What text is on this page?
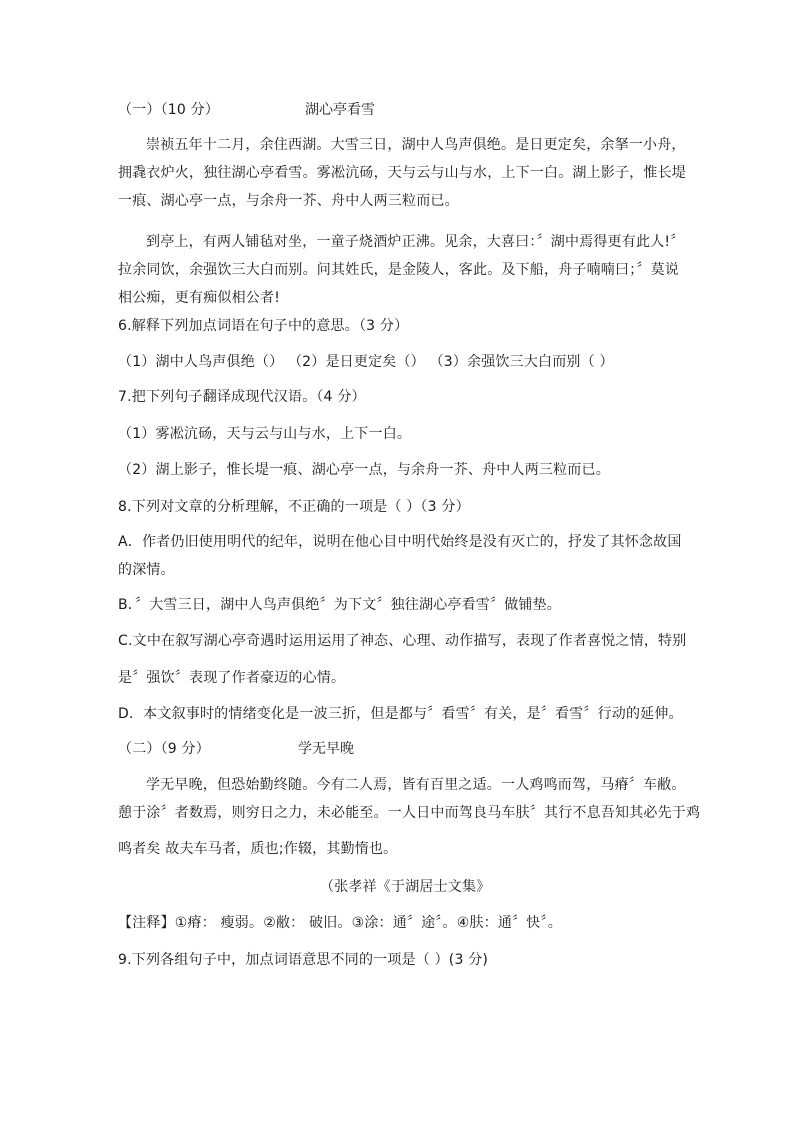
（一）（10 分）	湖心亭看雪
崇祯五年十二月，余住西湖。大雪三日，湖中人鸟声俱绝。是日更定矣，余拏一小舟，
拥毳衣炉火，独往湖心亭看雪。雾凇沆砀，天与云与山与水，上下一白。湖上影子，惟长堤
一痕、湖心亭一点，与余舟一芥、舟中人两三粒而已。
到亭上，有两人铺毡对坐，一童子烧酒炉正沸。见余，大喜曰：〞湖中焉得更有此人!〞
拉余同饮，余强饮三大白而别。问其姓氏，是金陵人，客此。及下船，舟子喃喃曰；〞莫说
相公痴，更有痴似相公者!
6.解释下列加点词语在句子中的意思。（3 分）
（1）湖中人鸟声俱绝（） （2）是日更定矣（） （3）余强饮三大白而别（ ）
7.把下列句子翻译成现代汉语。（4 分）
（1）雾凇沆砀，天与云与山与水，上下一白。
（2）湖上影子，惟长堤一痕、湖心亭一点，与余舟一芥、舟中人两三粒而已。
8.下列对文章的分析理解，不正确的一项是（ ）（3 分）
A．作者仍旧使用明代的纪年，说明在他心目中明代始终是没有灭亡的，抒发了其怀念故国
的深情。
B．〞大雪三日，湖中人鸟声俱绝〞为下文〞独往湖心亭看雪〞做铺垫。
C.文中在叙写湖心亭奇遇时运用运用了神态、心理、动作描写，表现了作者喜悦之情，特别
是〞强饮〞表现了作者豪迈的心情。
D．本文叙事时的情绪变化是一波三折，但是都与〞看雪〞有关，是〞看雪〞行动的延伸。
（二）（9 分）	学无早晚
学无早晚，但恐始勤终随。今有二人焉，皆有百里之适。一人鸡鸣而驾，马瘠〞车敝。
憩于涂〞者数焉，则穷日之力，未必能至。一人日中而驾良马车肤〞其行不息吾知其必先于鸡
鸣者矣 故夫车马者，质也;作辍，其勤惰也。
（张孝祥《于湖居士文集》
【注释】①瘠： 瘦弱。②敝： 破旧。③涂：通〞途〞。④肤：通〞快〞。
9.下列各组句子中，加点词语意思不同的一项是（ ）(3 分)
